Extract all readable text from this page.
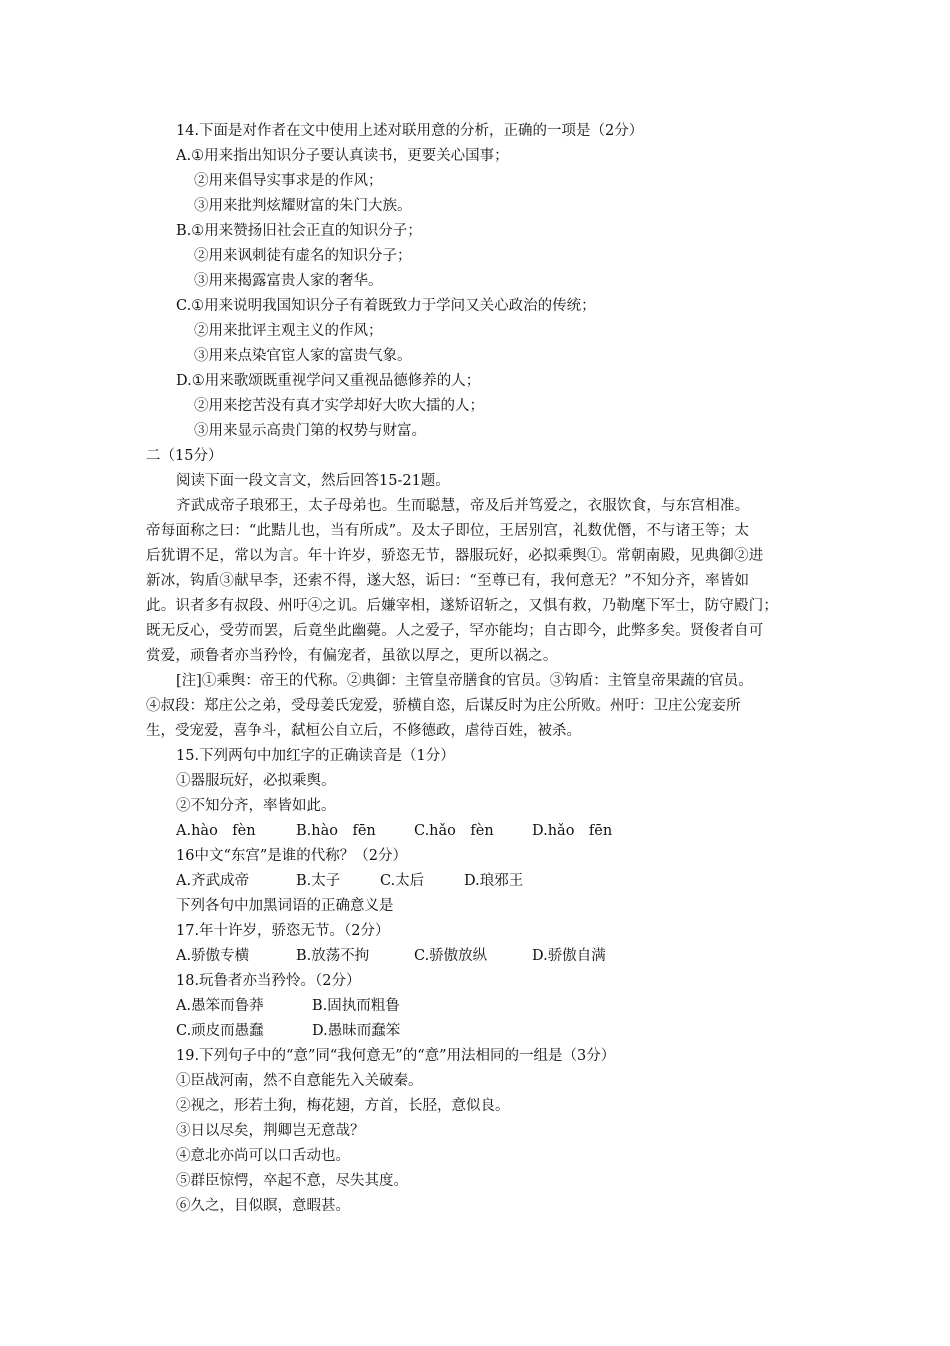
14.下面是对作者在文中使用上述对联用意的分析，正确的一项是（2分）
A.①用来指出知识分子要认真读书，更要关心国事；
②用来倡导实事求是的作风；
③用来批判炫耀财富的朱门大族。
B.①用来赞扬旧社会正直的知识分子；
②用来讽刺徒有虚名的知识分子；
③用来揭露富贵人家的奢华。
C.①用来说明我国知识分子有着既致力于学问又关心政治的传统；
②用来批评主观主义的作风；
③用来点染官宦人家的富贵气象。
D.①用来歌颂既重视学问又重视品德修养的人；
②用来挖苦没有真才实学却好大吹大擂的人；
③用来显示高贵门第的权势与财富。
二（15分）
阅读下面一段文言文，然后回答15-21题。
齐武成帝子琅邪王，太子母弟也。生而聪慧，帝及后并笃爱之，衣服饮食，与东宫相准。
帝每面称之曰：“此黠儿也，当有所成”。及太子即位，王居别宫，礼数优僭，不与诸王等；太
后犹谓不足，常以为言。年十许岁，骄恣无节，器服玩好，必拟乘舆①。常朝南殿，见典御②进
新冰，钩盾③献早李，还索不得，遂大怒，诟曰：“至尊已有，我何意无？”不知分齐，率皆如
此。识者多有叔段、州吁④之讥。后嫌宰相，遂矫诏斩之，又惧有救，乃勒麾下军士，防守殿门；
既无反心，受劳而罢，后竟坐此幽薨。人之爱子，罕亦能均；自古即今，此弊多矣。贤俊者自可
赏爱，顽鲁者亦当矜怜，有偏宠者，虽欲以厚之，更所以祸之。
[注]①乘舆：帝王的代称。②典御：主管皇帝膳食的官员。③钩盾：主管皇帝果蔬的官员。
④叔段：郑庄公之弟，受母姜氏宠爱，骄横自恣，后谋反时为庄公所败。州吁：卫庄公宠妾所
生，受宠爱，喜争斗，弑桓公自立后，不修德政，虐待百姓，被杀。
15.下列两句中加红字的正确读音是（1分）
①器服玩好，必拟乘舆。
②不知分齐，率皆如此。
A.hào　fèn	B.hào　fēn	C.hǎo　fèn	D.hǎo　fēn
16中文“东宫”是谁的代称？（2分）
A.齐武成帝	B.太子	C.太后	D.琅邪王
下列各句中加黑词语的正确意义是
17.年十许岁，骄恣无节。（2分）
A.骄傲专横	B.放荡不拘	C.骄傲放纵	D.骄傲自满
18.玩鲁者亦当矜怜。（2分）
A.愚笨而鲁莽	B.固执而粗鲁
C.顽皮而愚蠢	D.愚昧而蠢笨
19.下列句子中的“意”同“我何意无”的“意”用法相同的一组是（3分）
①臣战河南，然不自意能先入关破秦。
②视之，形若土狗，梅花翅，方首，长胫，意似良。
③日以尽矣，荆卿岂无意哉？
④意北亦尚可以口舌动也。
⑤群臣惊愕，卒起不意，尽失其度。
⑥久之，目似瞑，意暇甚。
